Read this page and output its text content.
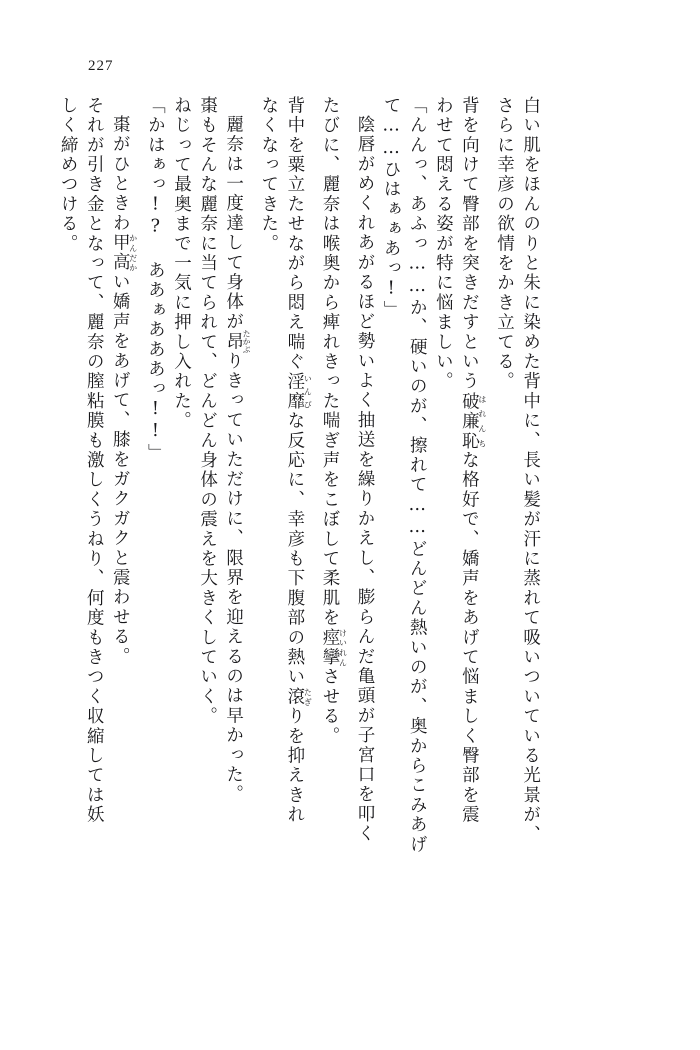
227
しく締めつける。 それが引き金となって、麗奈の膣粘膜も激しくうねり、何度もきつく収縮しては妖 棗がひときわ甲高かんだかい嬌声をあげて、膝をガクガクと震わせる。 「かはぁっ!? ああぁあああっ!!」 ねじって最奥まで一気に押し入れた。 棗もそんな麗奈に当てられて、どんどん身体の震えを大きくしていく。 麗奈は一度達して身体が昂たかぶりきっていただけに、限界を迎えるのは早かった。
なくなってきた。 背中を粟立たせながら悶え喘ぐ淫靡いんびな反応に、幸彦も下腹部の熱い滾たぎりを抑えきれ
たびに、麗奈は喉奥から痺れきった喘ぎ声をこぼして柔肌を痙攣けいれんさせる。 陰唇がめくれあがるほど勢いよく抽送を繰りかえし、膨らんだ亀頭が子宮口を叩く て……ひはぁぁあっ!」 「んんっ、あふっ……か、硬いのが、擦れて……どんどん熱いのが、奥からこみあげ わせて悶える姿が特に悩ましい。 背を向けて臀部を突きだすという破廉恥はれんちな格好で、嬌声をあげて悩ましく臀部を震
さらに幸彦の欲情をかき立てる。 白い肌をほんのりと朱に染めた背中に、長い髪が汗に蒸れて吸いついている光景が、
